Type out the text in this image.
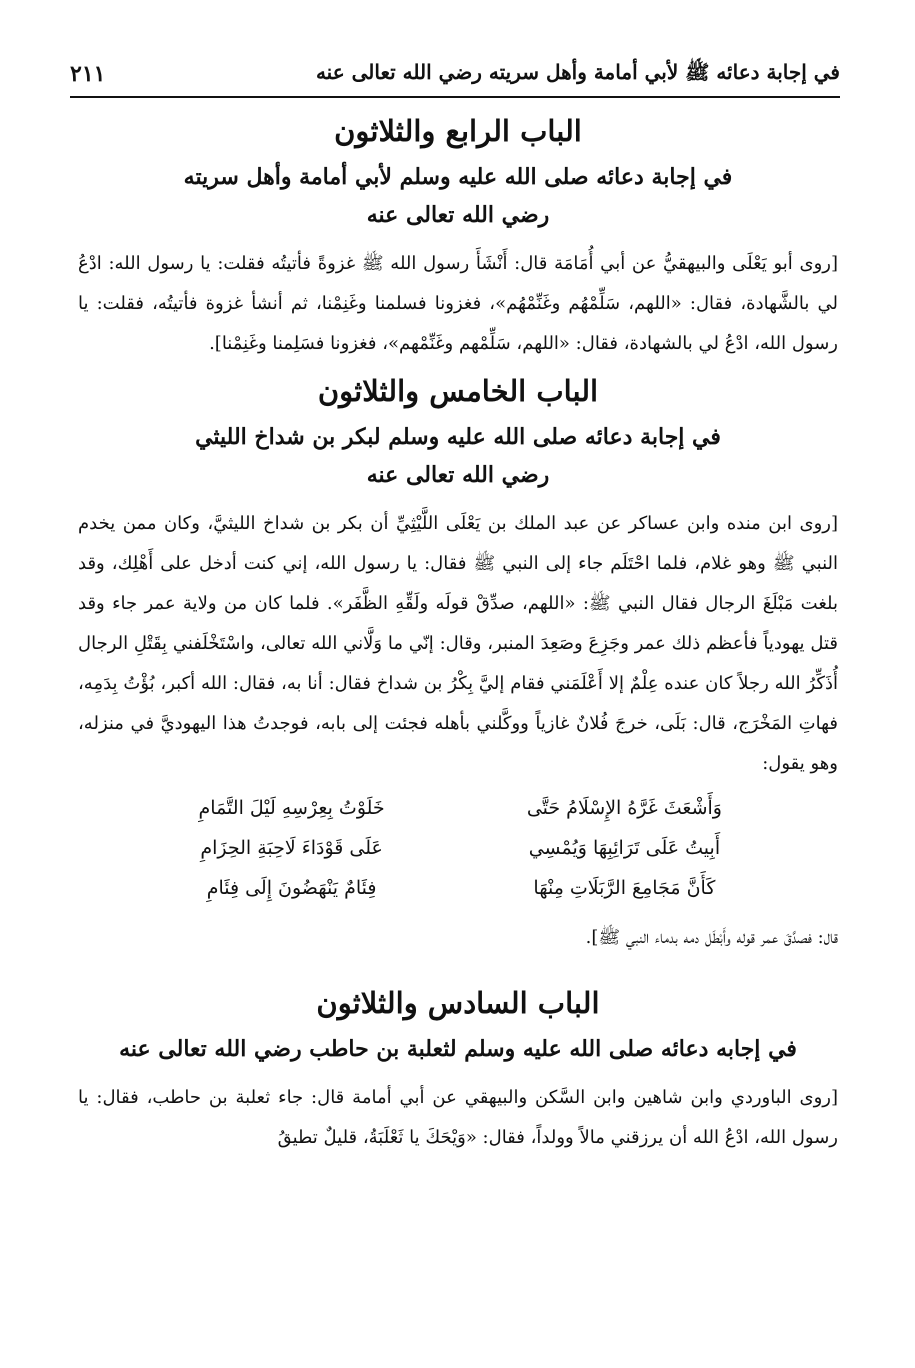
في إجابة دعائه ﷺ لأبي أمامة وأهل سريته رضي الله تعالى عنه
٢١١
الباب الرابع والثلاثون
في إجابة دعائه صلى الله عليه وسلم لأبي أمامة وأهل سريته
رضي الله تعالى عنه

[روى أبو يَعْلَى والبيهقيُّ عن أبي أُمَامَة قال: أَنْشَأَ رسول الله ﷺ غزوةً فأتيتُه فقلت: يا رسول الله: ادْعُ لي بالشَّهادة، فقال: «اللهم، سَلِّمْهُم وغَنِّمْهُم»، فغزونا فسلمنا وغَنِمْنا، ثم أنشأ غزوة فأتيتُه، فقلت: يا رسول الله، ادْعُ لي بالشهادة، فقال: «اللهم، سَلِّمْهم وغَنِّمْهم»، فغزونا فسَلِمنا وغَنِمْنا].

الباب الخامس والثلاثون
في إجابة دعائه صلى الله عليه وسلم لبكر بن شداخ الليثي
رضي الله تعالى عنه

[روى ابن منده وابن عساكر عن عبد الملك بن يَعْلَى اللَّيْثِيِّ أن بكر بن شداخ الليثيَّ، وكان ممن يخدم النبي ﷺ وهو غلام، فلما احْتَلَم جاء إلى النبي ﷺ فقال: يا رسول الله، إني كنت أدخل على أَهْلِك، وقد بلغت مَبْلَغَ الرجال فقال النبي ﷺ: «اللهم، صدِّقْ قولَه ولَقِّهِ الظَّفَر». فلما كان من ولاية عمر جاء وقد قتل يهودياً فأعظم ذلك عمر وجَزِعَ وصَعِدَ المنبر، وقال: إنّي ما وَلَّاني الله تعالى، واسْتَخْلَفني بِقَتْلِ الرجال أُذَكِّرُ الله رجلاً كان عنده عِلْمٌ إلا أَعْلَمَني فقام إليَّ بِكْرُ بن شداخ فقال: أنا به، فقال: الله أكبر، بُؤْتُ بِدَمِه، فهاتِ المَخْرَج، قال: بَلَى، خرجَ فُلانٌ غازياً ووكَّلني بأهله فجئت إلى بابه، فوجدتُ هذا اليهوديَّ في منزله، وهو يقول:

وَأَشْعَثَ غَرَّهُ الإِسْلَامُ حَتَّى
خَلَوْتُ بِعِرْسِهِ لَيْلَ التَّمَامِ
أَبِيتُ عَلَى تَرَائِبِهَا وَيُمْسِي
عَلَى قَوْدَاءَ لَاحِبَةِ الحِزَامِ
كَأَنَّ مَجَامِعَ الرَّبَلَاتِ مِنْهَا
فِئَامٌ يَنْهَضُونَ إِلَى فِئَامِ

قال: فصدَّقَ عمر قوله وأَبْطَل دمه بدماء النبي ﷺ].

الباب السادس والثلاثون
في إجابه دعائه صلى الله عليه وسلم لثعلبة بن حاطب رضي الله تعالى عنه

[روى الباوردي وابن شاهين وابن السَّكن والبيهقي عن أبي أمامة قال: جاء ثعلبة بن حاطب، فقال: يا رسول الله، ادْعُ الله أن يرزقني مالاً وولداً، فقال: «وَيْحَكَ يا ثَعْلَبَةُ، قليلٌ تطيقُ
